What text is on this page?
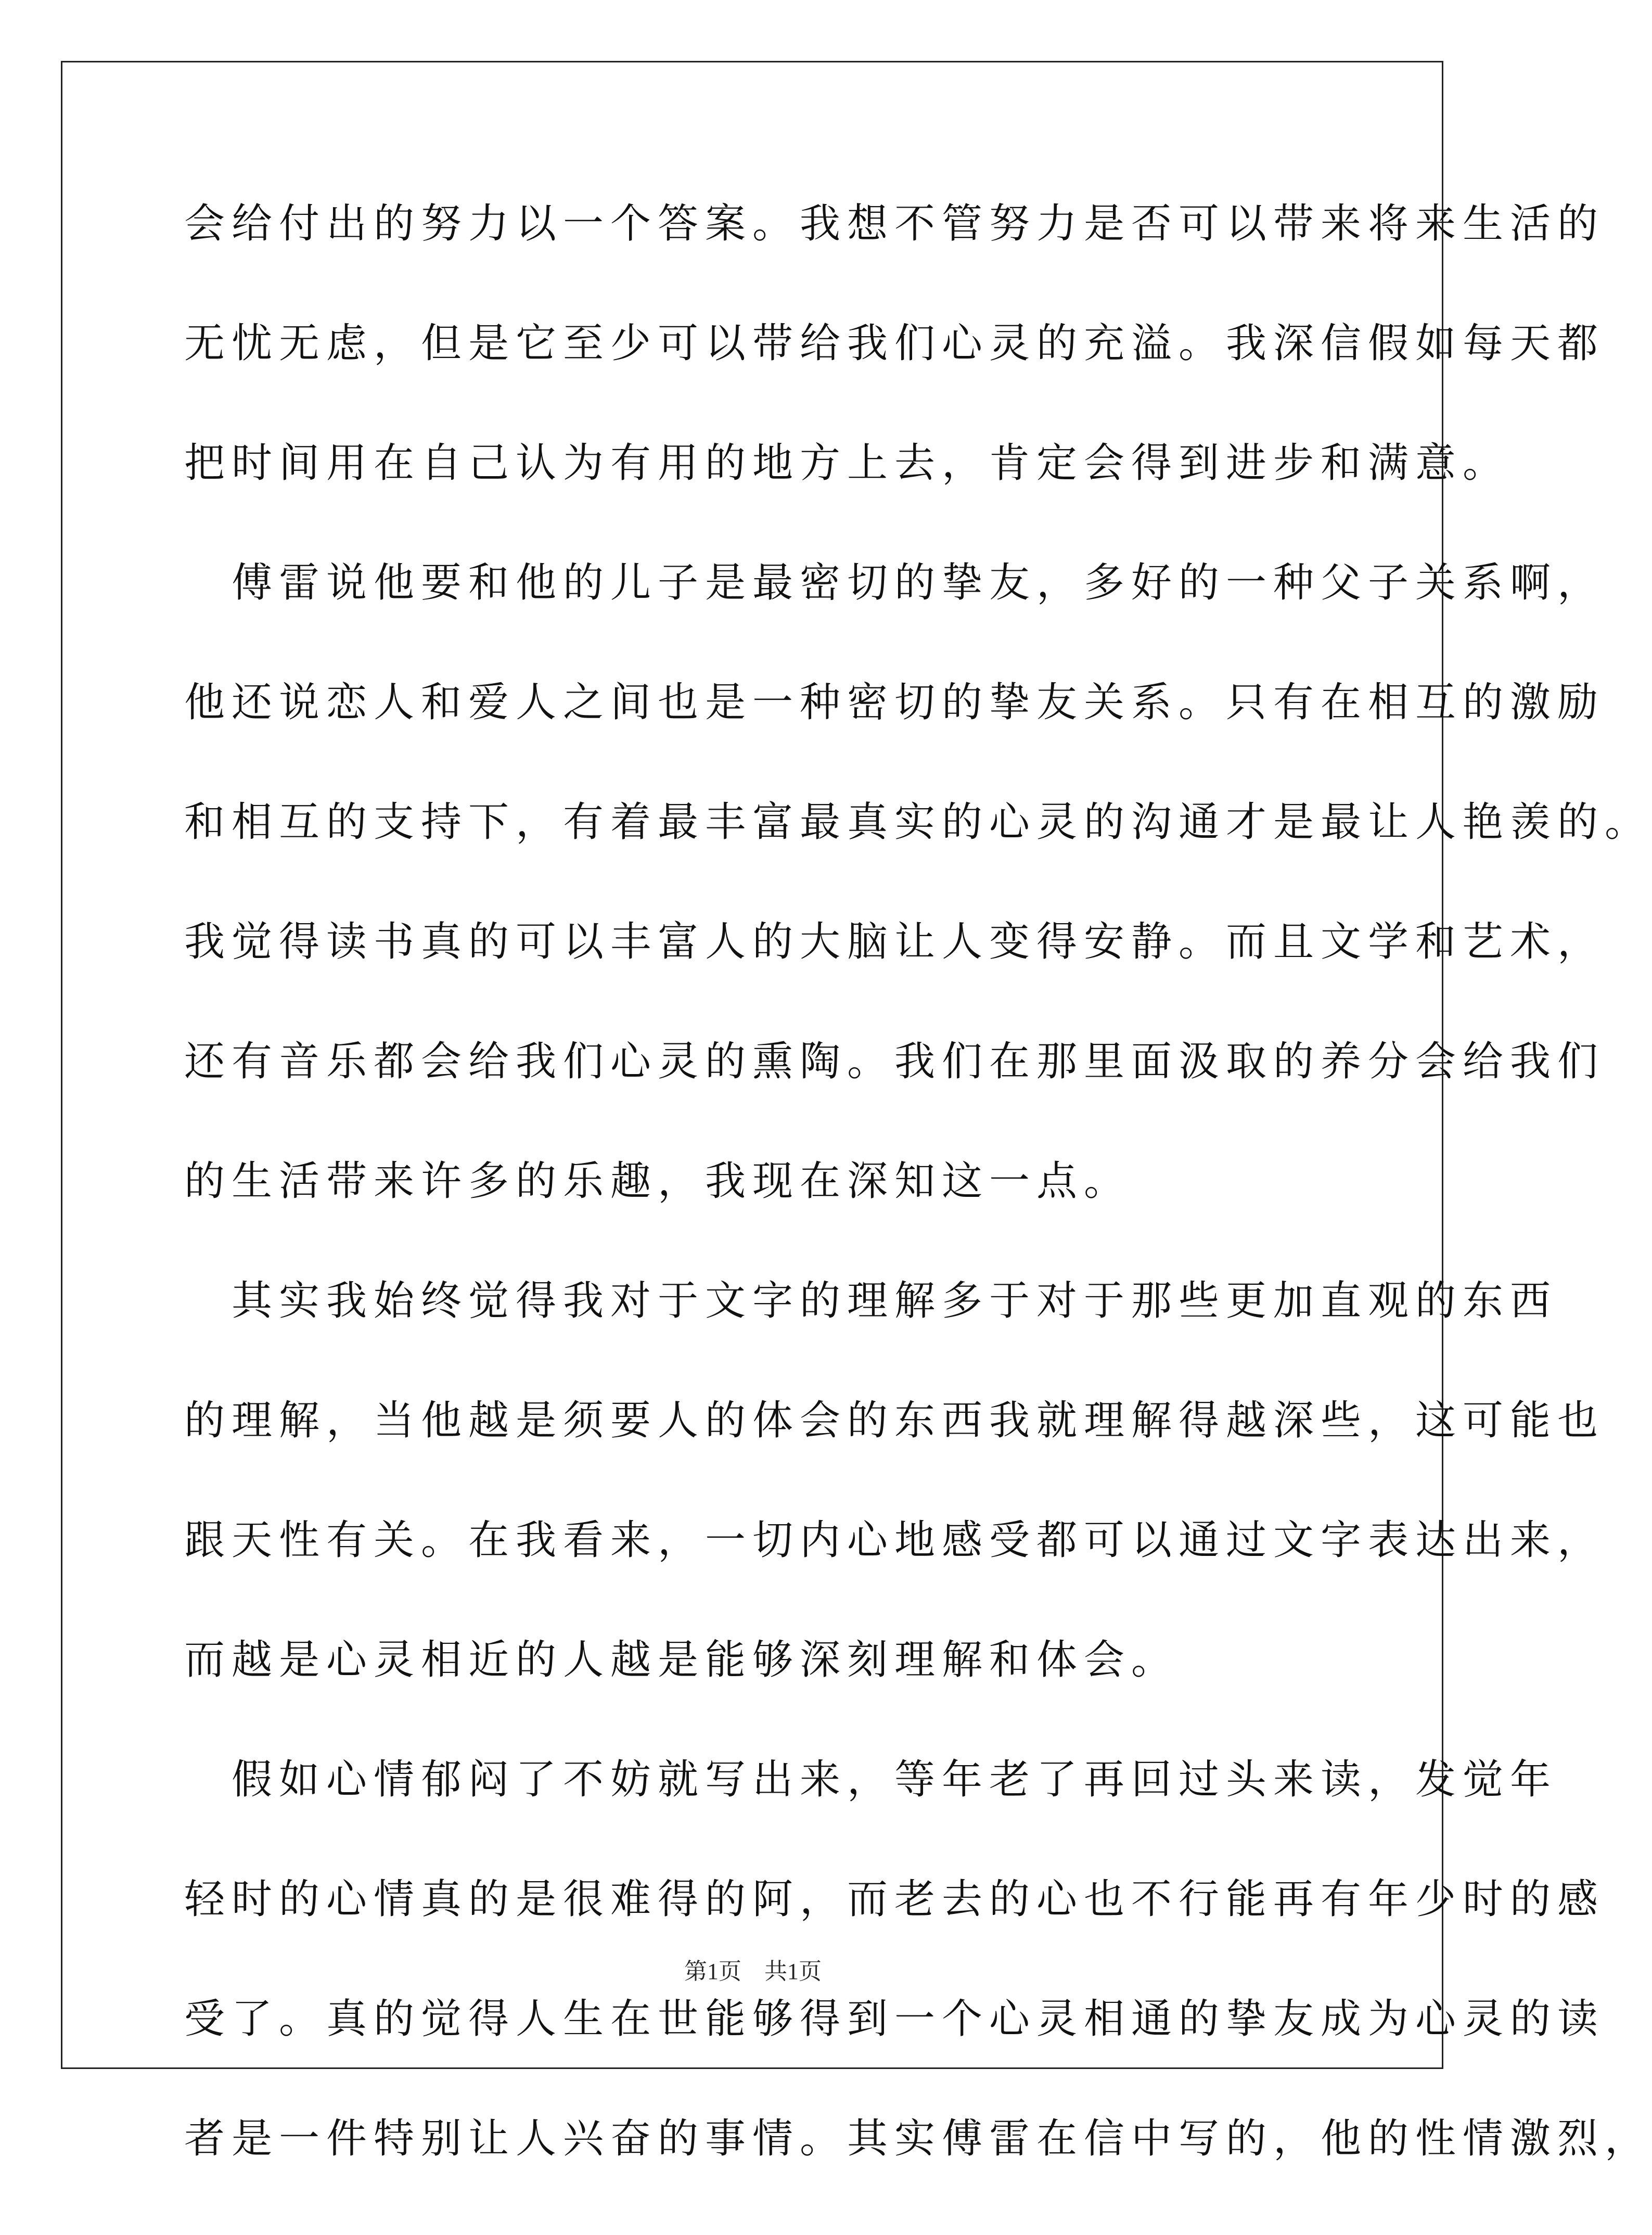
会给付出的努力以一个答案。我想不管努力是否可以带来将来生活的
无忧无虑，但是它至少可以带给我们心灵的充溢。我深信假如每天都
把时间用在自己认为有用的地方上去，肯定会得到进步和满意。
　傅雷说他要和他的儿子是最密切的挚友，多好的一种父子关系啊，
他还说恋人和爱人之间也是一种密切的挚友关系。只有在相互的激励
和相互的支持下，有着最丰富最真实的心灵的沟通才是最让人艳羡的。
我觉得读书真的可以丰富人的大脑让人变得安静。而且文学和艺术，
还有音乐都会给我们心灵的熏陶。我们在那里面汲取的养分会给我们
的生活带来许多的乐趣，我现在深知这一点。
　其实我始终觉得我对于文字的理解多于对于那些更加直观的东西
的理解，当他越是须要人的体会的东西我就理解得越深些，这可能也
跟天性有关。在我看来，一切内心地感受都可以通过文字表达出来，
而越是心灵相近的人越是能够深刻理解和体会。
　假如心情郁闷了不妨就写出来，等年老了再回过头来读，发觉年
轻时的心情真的是很难得的阿，而老去的心也不行能再有年少时的感
受了。真的觉得人生在世能够得到一个心灵相通的挚友成为心灵的读
者是一件特别让人兴奋的事情。其实傅雷在信中写的，他的性情激烈，
第1页　共1页
